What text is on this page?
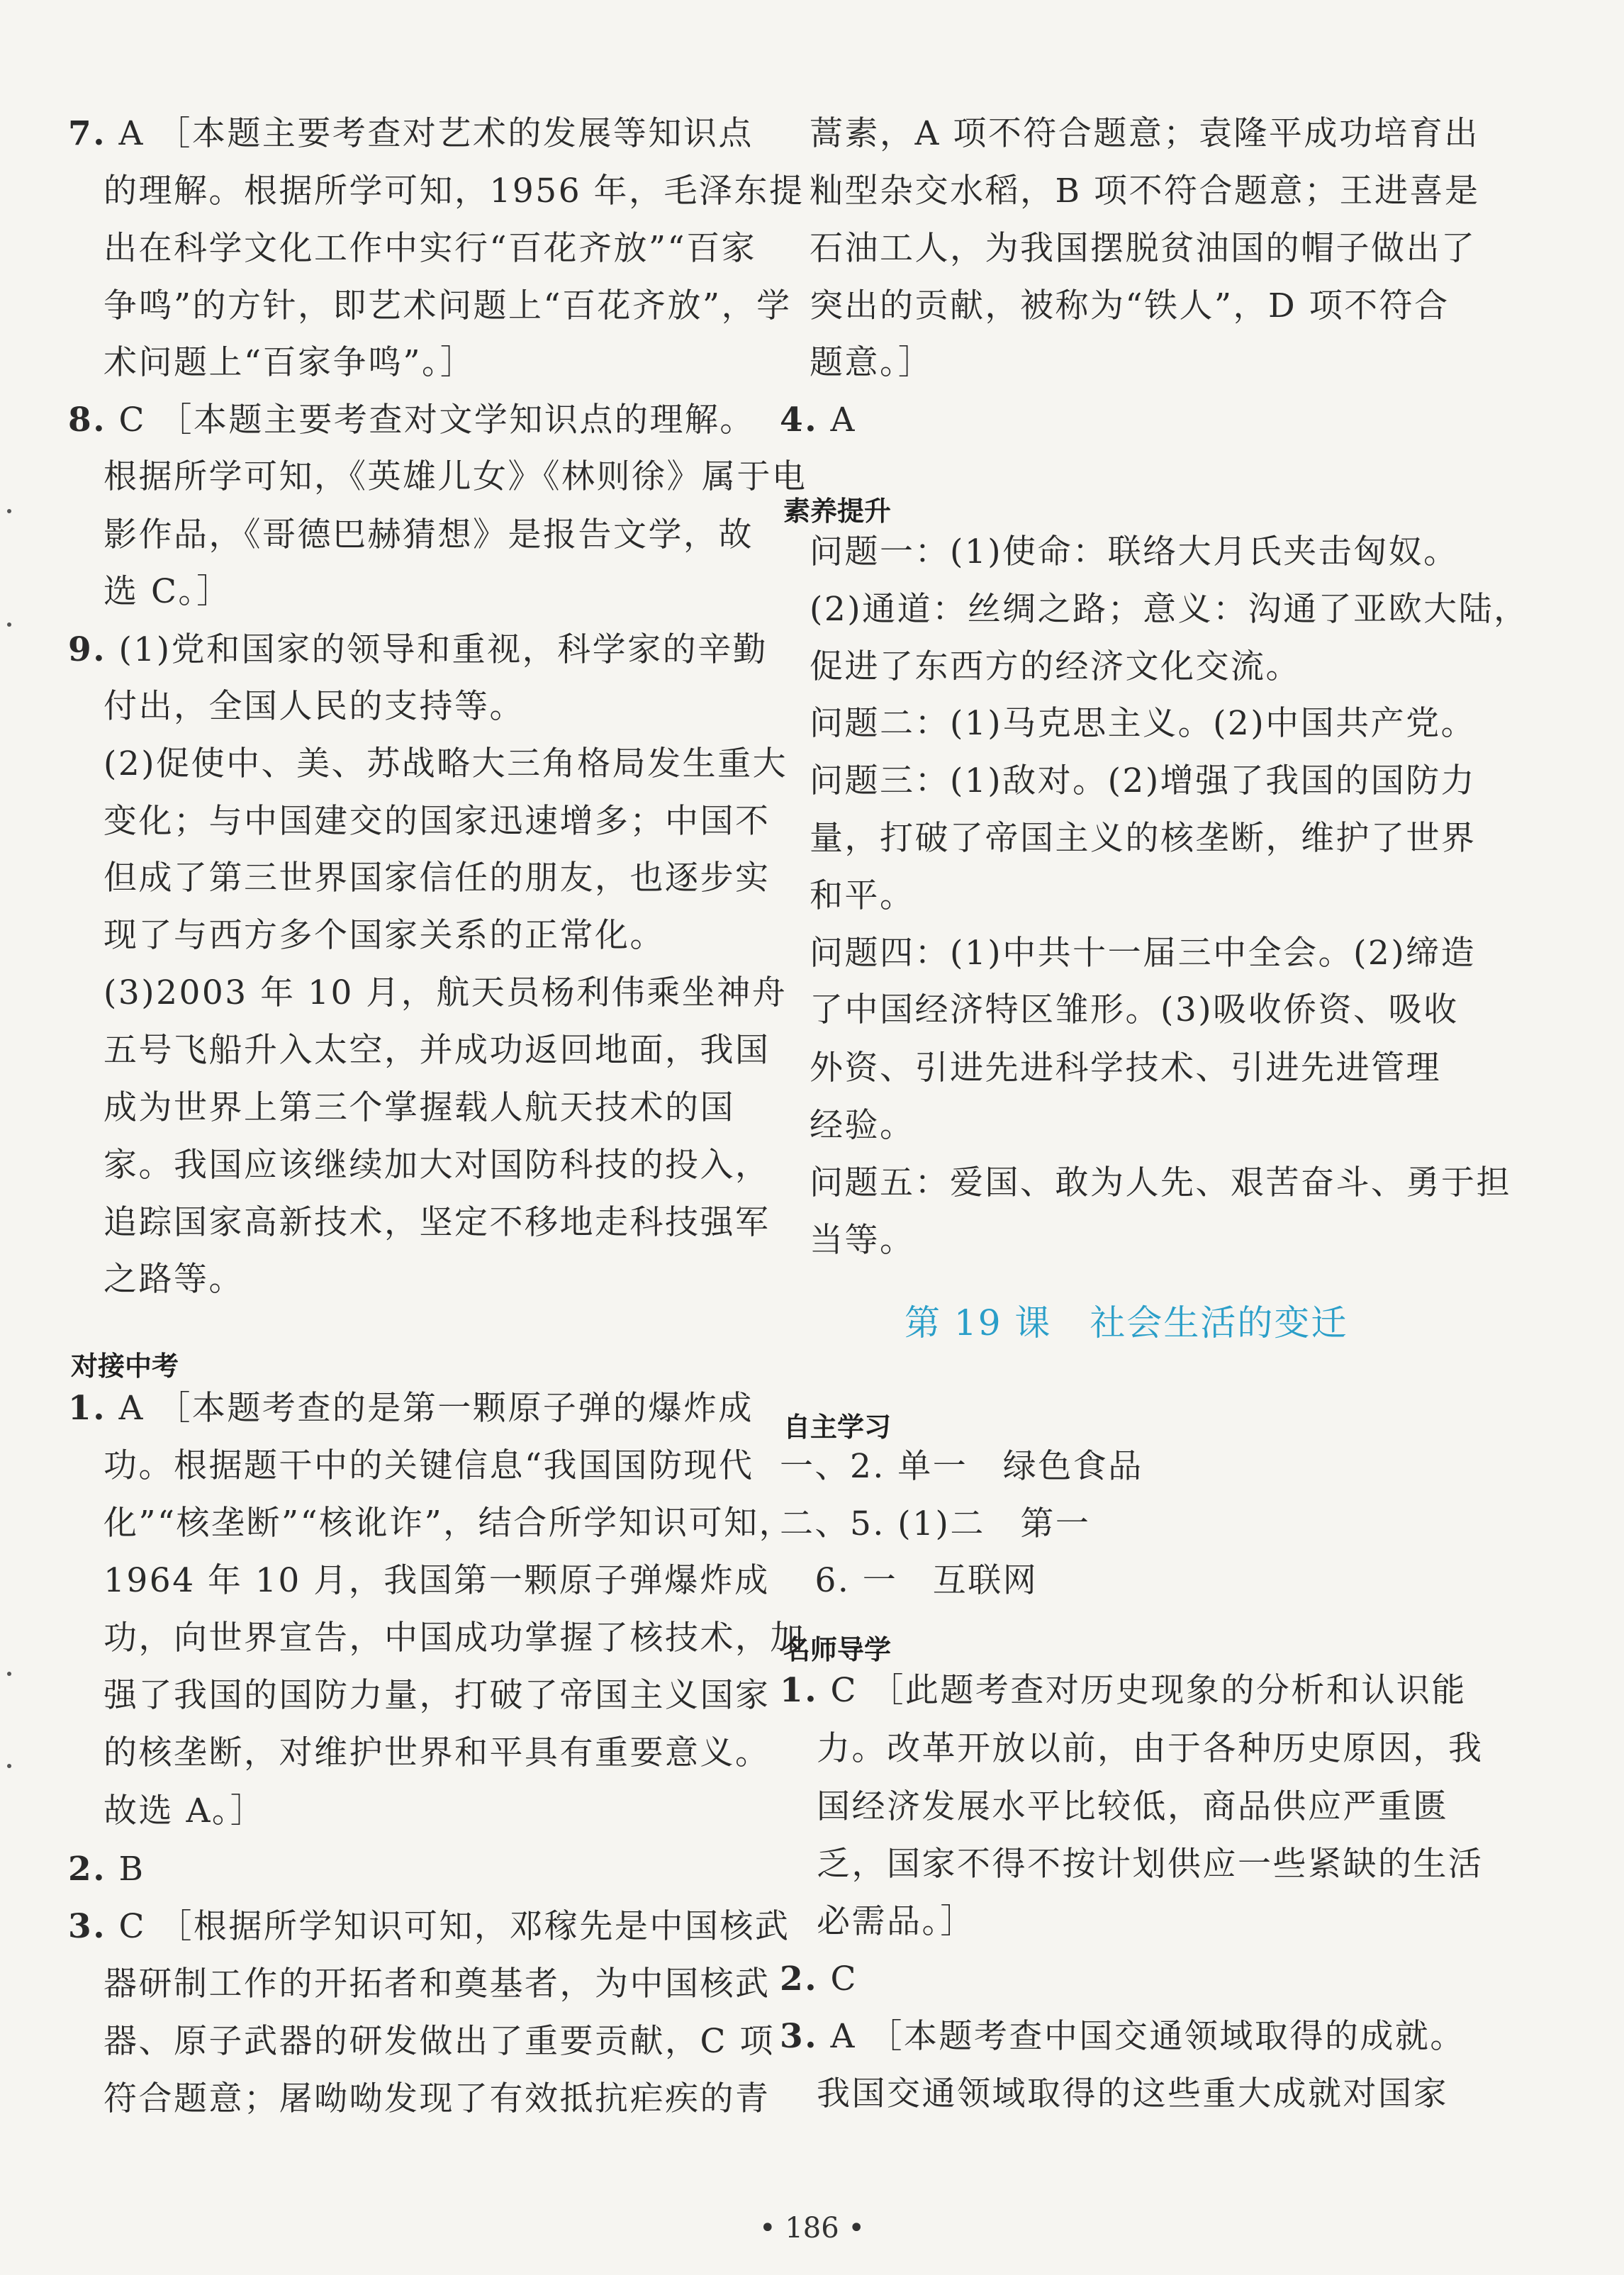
7. A ［本题主要考查对艺术的发展等知识点
的理解。根据所学可知，1956 年，毛泽东提
出在科学文化工作中实行“百花齐放”“百家
争鸣”的方针，即艺术问题上“百花齐放”，学
术问题上“百家争鸣”。］
8. C ［本题主要考查对文学知识点的理解。
根据所学可知，《英雄儿女》《林则徐》属于电
影作品，《哥德巴赫猜想》是报告文学，故
选 C。］
9. (1)党和国家的领导和重视，科学家的辛勤
付出，全国人民的支持等。
(2)促使中、美、苏战略大三角格局发生重大
变化；与中国建交的国家迅速增多；中国不
但成了第三世界国家信任的朋友，也逐步实
现了与西方多个国家关系的正常化。
(3)2003 年 10 月，航天员杨利伟乘坐神舟
五号飞船升入太空，并成功返回地面，我国
成为世界上第三个掌握载人航天技术的国
家。我国应该继续加大对国防科技的投入，
追踪国家高新技术，坚定不移地走科技强军
之路等。
对接中考
1. A ［本题考查的是第一颗原子弹的爆炸成
功。根据题干中的关键信息“我国国防现代
化”“核垄断”“核讹诈”，结合所学知识可知，
1964 年 10 月，我国第一颗原子弹爆炸成
功，向世界宣告，中国成功掌握了核技术，加
强了我国的国防力量，打破了帝国主义国家
的核垄断，对维护世界和平具有重要意义。
故选 A。］
2. B
3. C ［根据所学知识可知，邓稼先是中国核武
器研制工作的开拓者和奠基者，为中国核武
器、原子武器的研发做出了重要贡献，C 项
符合题意；屠呦呦发现了有效抵抗疟疾的青
蒿素，A 项不符合题意；袁隆平成功培育出
籼型杂交水稻，B 项不符合题意；王进喜是
石油工人，为我国摆脱贫油国的帽子做出了
突出的贡献，被称为“铁人”，D 项不符合
题意。］
4. A
素养提升
问题一：(1)使命：联络大月氏夹击匈奴。
(2)通道：丝绸之路；意义：沟通了亚欧大陆，
促进了东西方的经济文化交流。
问题二：(1)马克思主义。(2)中国共产党。
问题三：(1)敌对。(2)增强了我国的国防力
量，打破了帝国主义的核垄断，维护了世界
和平。
问题四：(1)中共十一届三中全会。(2)缔造
了中国经济特区雏形。(3)吸收侨资、吸收
外资、引进先进科学技术、引进先进管理
经验。
问题五：爱国、敢为人先、艰苦奋斗、勇于担
当等。
第 19 课 社会生活的变迁
自主学习
一、2. 单一　绿色食品
二、5. (1)二　第一
　6. 一　互联网
名师导学
1. C ［此题考查对历史现象的分析和认识能
力。改革开放以前，由于各种历史原因，我
国经济发展水平比较低，商品供应严重匮
乏，国家不得不按计划供应一些紧缺的生活
必需品。］
2. C
3. A ［本题考查中国交通领域取得的成就。
我国交通领域取得的这些重大成就对国家
• 186 •
